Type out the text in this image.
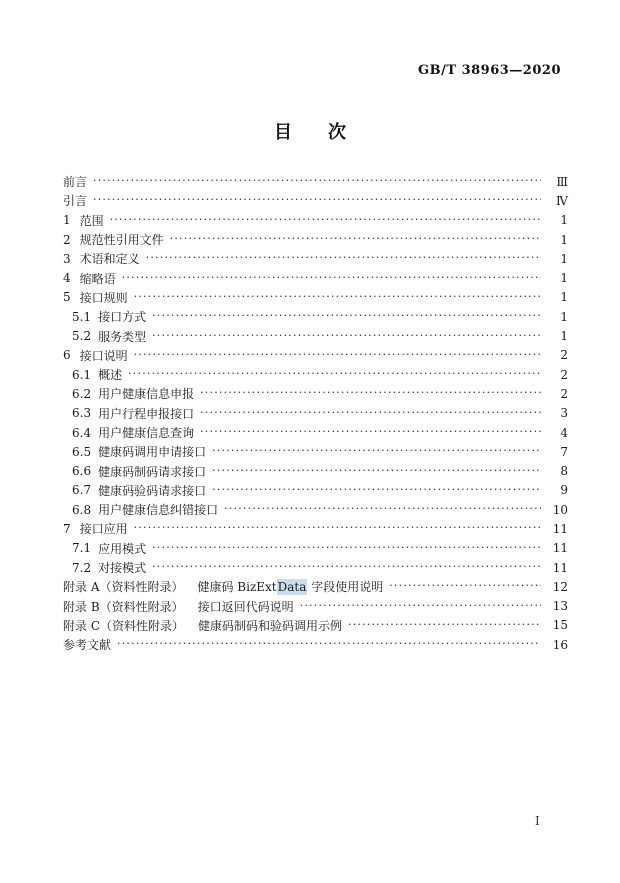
GB/T 38963—2020
目　　次
前言 ·····	Ⅲ
引言 ·····	Ⅳ
1 范围 ·····	1
2 规范性引用文件 ·····	1
3 术语和定义 ·····	1
4 缩略语 ·····	1
5 接口规则 ·····	1
5.1 接口方式 ·····	1
5.2 服务类型 ·····	1
6 接口说明 ·····	2
6.1 概述 ·····	2
6.2 用户健康信息申报 ·····	2
6.3 用户行程申报接口 ·····	3
6.4 用户健康信息查询 ·····	4
6.5 健康码调用申请接口 ·····	7
6.6 健康码制码请求接口 ·····	8
6.7 健康码验码请求接口 ·····	9
6.8 用户健康信息纠错接口 ·····	10
7 接口应用 ·····	11
7.1 应用模式 ·····	11
7.2 对接模式 ·····	11
附录 A（资料性附录） 健康码 BizExtData 字段使用说明 ·····	12
附录 B（资料性附录） 接口返回代码说明 ·····	13
附录 C（资料性附录） 健康码制码和验码调用示例 ·····	15
参考文献 ·····	16
Ⅰ
